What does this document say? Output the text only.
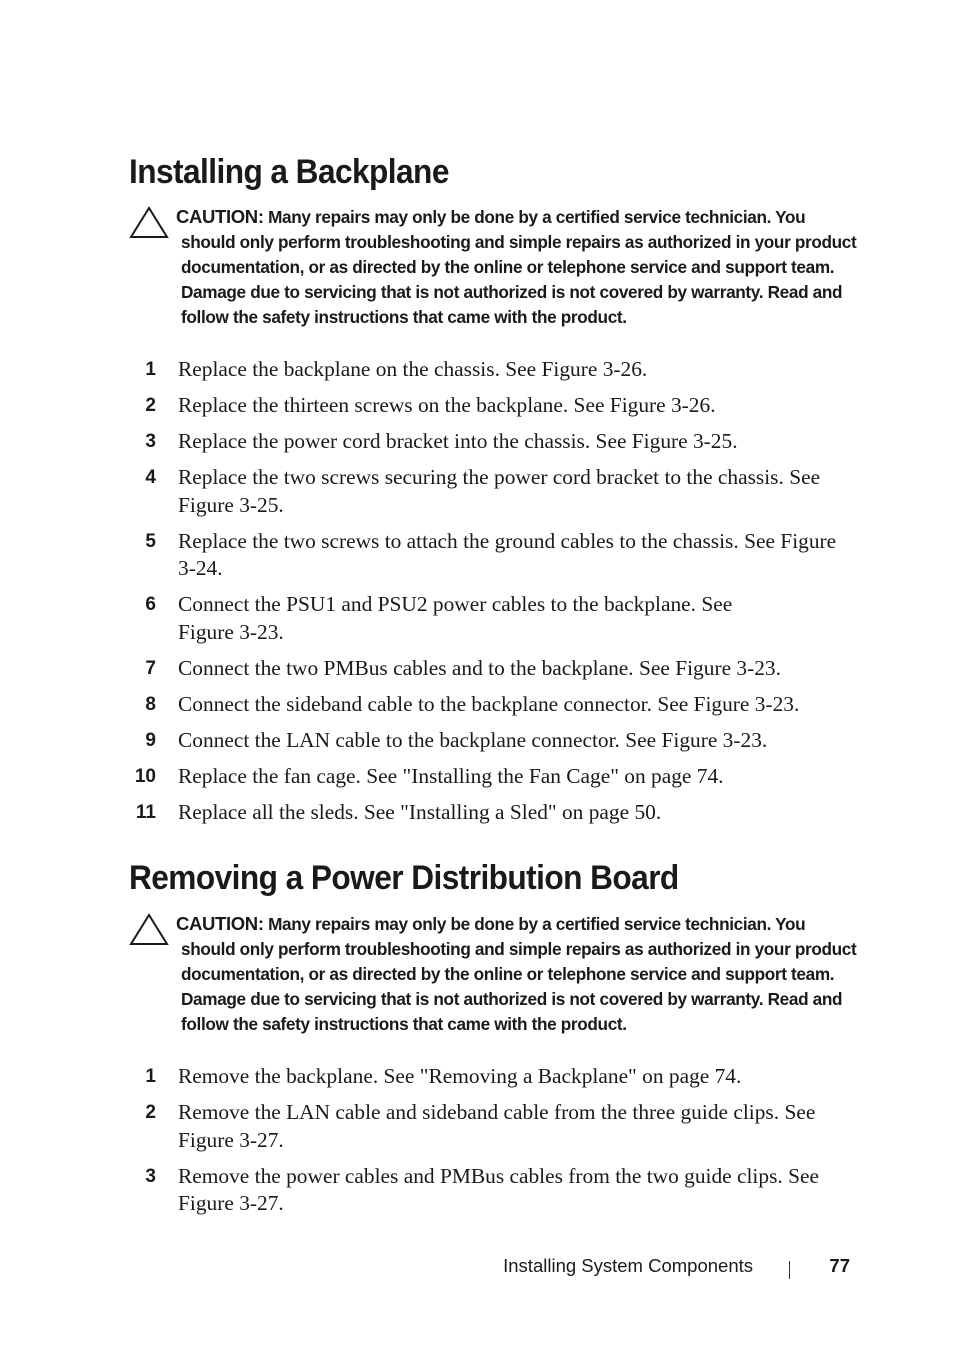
Installing a Backplane
CAUTION: Many repairs may only be done by a certified service technician. You
should only perform troubleshooting and simple repairs as authorized in your product documentation, or as directed by the online or telephone service and support team. Damage due to servicing that is not authorized is not covered by warranty. Read and follow the safety instructions that came with the product.
1 Replace the backplane on the chassis. See Figure 3-26.
2 Replace the thirteen screws on the backplane. See Figure 3-26.
3 Replace the power cord bracket into the chassis. See Figure 3-25.
4 Replace the two screws securing the power cord bracket to the chassis. See Figure 3-25.
5 Replace the two screws to attach the ground cables to the chassis. See Figure 3-24.
6 Connect the PSU1 and PSU2 power cables to the backplane. See Figure 3-23.
7 Connect the two PMBus cables and to the backplane. See Figure 3-23.
8 Connect the sideband cable to the backplane connector. See Figure 3-23.
9 Connect the LAN cable to the backplane connector. See Figure 3-23.
10 Replace the fan cage. See "Installing the Fan Cage" on page 74.
11 Replace all the sleds. See "Installing a Sled" on page 50.
Removing a Power Distribution Board
CAUTION: Many repairs may only be done by a certified service technician. You
should only perform troubleshooting and simple repairs as authorized in your product documentation, or as directed by the online or telephone service and support team. Damage due to servicing that is not authorized is not covered by warranty. Read and follow the safety instructions that came with the product.
1 Remove the backplane. See "Removing a Backplane" on page 74.
2 Remove the LAN cable and sideband cable from the three guide clips. See Figure 3-27.
3 Remove the power cables and PMBus cables from the two guide clips. See Figure 3-27.
Installing System Components	77
